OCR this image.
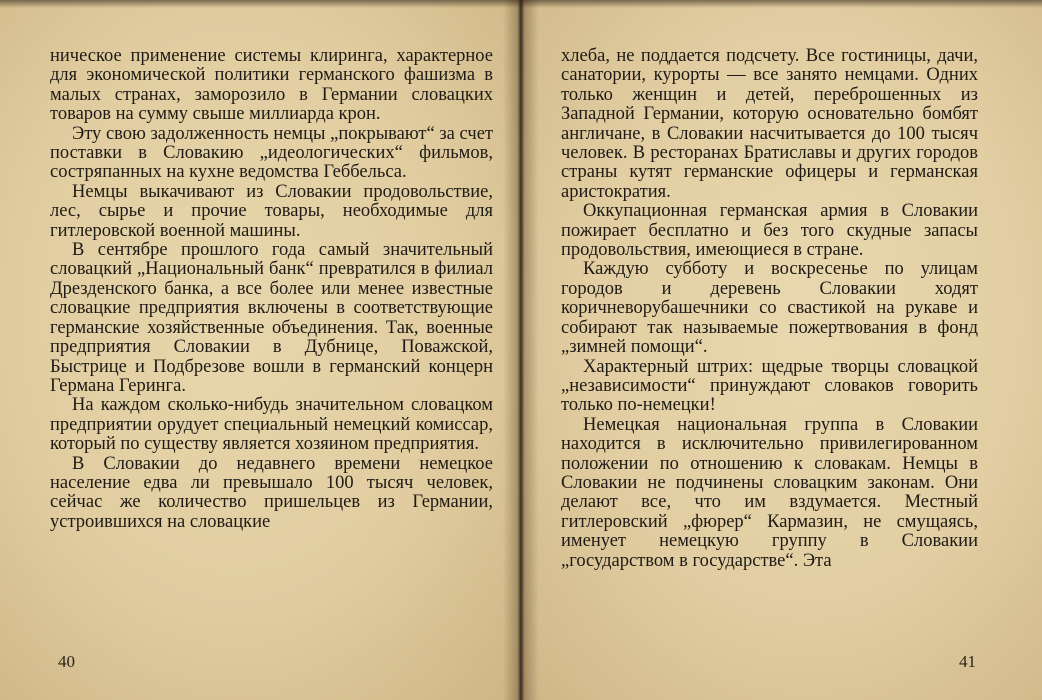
ническое применение системы клиринга, характерное для экономической политики германского фашизма в малых странах, заморозило в Германии словацких товаров на сумму свыше миллиарда крон.

Эту свою задолженность немцы „покрывают“ за счет поставки в Словакию „идеологических“ фильмов, состряпанных на кухне ведомства Геббельса.

Немцы выкачивают из Словакии продовольствие, лес, сырье и прочие товары, необходимые для гитлеровской военной машины.

В сентябре прошлого года самый значительный словацкий „Национальный банк“ превратился в филиал Дрезденского банка, а все более или менее известные словацкие предприятия включены в соответствующие германские хозяйственные объединения. Так, военные предприятия Словакии в Дубнице, Поважской, Быстрице и Подбрезове вошли в германский концерн Германа Геринга.

На каждом сколько-нибудь значительном словацком предприятии орудует специальный немецкий комиссар, который по существу является хозяином предприятия.

В Словакии до недавнего времени немецкое население едва ли превышало 100 тысяч человек, сейчас же количество пришельцев из Германии, устроившихся на словацкие

40

хлеба, не поддается подсчету. Все гостиницы, дачи, санатории, курорты — все занято немцами. Одних только женщин и детей, переброшенных из Западной Германии, которую основательно бомбят англичане, в Словакии насчитывается до 100 тысяч человек. В ресторанах Братиславы и других городов страны кутят германские офицеры и германская аристократия.

Оккупационная германская армия в Словакии пожирает бесплатно и без того скудные запасы продовольствия, имеющиеся в стране.

Каждую субботу и воскресенье по улицам городов и деревень Словакии ходят коричневорубашечники со свастикой на рукаве и собирают так называемые пожертвования в фонд „зимней помощи“.

Характерный штрих: щедрые творцы словацкой „независимости“ принуждают словаков говорить только по-немецки!

Немецкая национальная группа в Словакии находится в исключительно привилегированном положении по отношению к словакам. Немцы в Словакии не подчинены словацким законам. Они делают все, что им вздумается. Местный гитлеровский „фюрер“ Кармазин, не смущаясь, именует немецкую группу в Словакии „государством в государстве“. Эта

41
